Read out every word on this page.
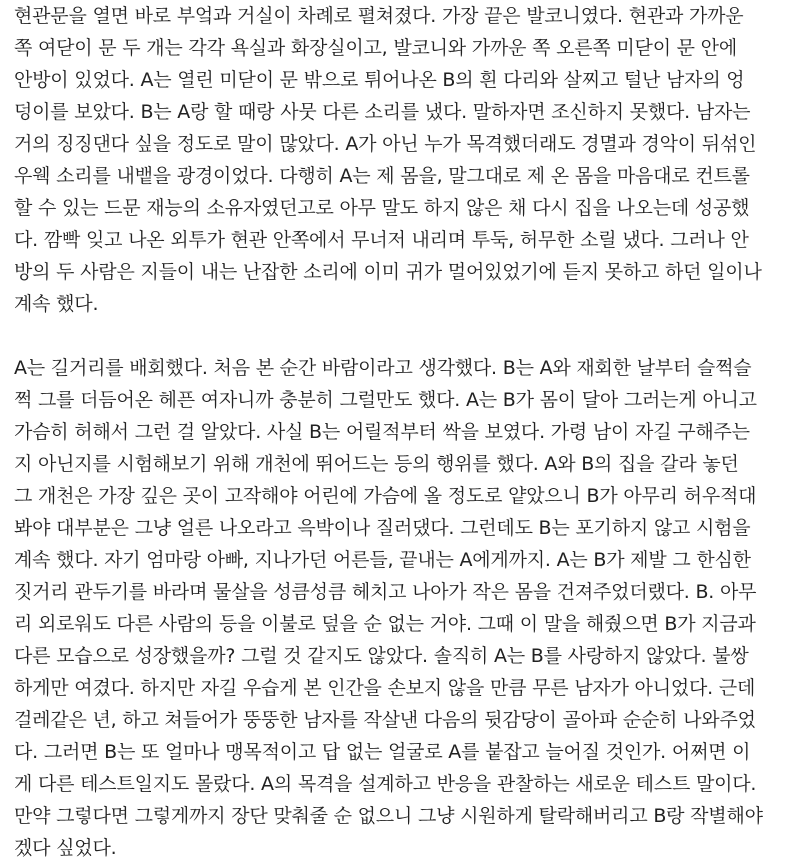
현관문을 열면 바로 부엌과 거실이 차례로 펼쳐졌다. 가장 끝은 발코니였다. 현관과 가까운
쪽 여닫이 문 두 개는 각각 욕실과 화장실이고, 발코니와 가까운 쪽 오른쪽 미닫이 문 안에
안방이 있었다. A는 열린 미닫이 문 밖으로 튀어나온 B의 흰 다리와 살찌고 털난 남자의 엉
덩이를 보았다. B는 A랑 할 때랑 사뭇 다른 소리를 냈다. 말하자면 조신하지 못했다. 남자는
거의 징징댄다 싶을 정도로 말이 많았다. A가 아닌 누가 목격했더래도 경멸과 경악이 뒤섞인
우웩 소리를 내뱉을 광경이었다. 다행히 A는 제 몸을, 말그대로 제 온 몸을 마음대로 컨트롤
할 수 있는 드문 재능의 소유자였던고로 아무 말도 하지 않은 채 다시 집을 나오는데 성공했
다. 깜빡 잊고 나온 외투가 현관 안쪽에서 무너저 내리며 투둑, 허무한 소릴 냈다. 그러나 안
방의 두 사람은 지들이 내는 난잡한 소리에 이미 귀가 멀어있었기에 듣지 못하고 하던 일이나
계속 했다.
A는 길거리를 배회했다. 처음 본 순간 바람이라고 생각했다. B는 A와 재회한 날부터 슬쩍슬
쩍 그를 더듬어온 헤픈 여자니까 충분히 그럴만도 했다. A는 B가 몸이 달아 그러는게 아니고
가슴히 허해서 그런 걸 알았다. 사실 B는 어릴적부터 싹을 보였다. 가령 남이 자길 구해주는
지 아닌지를 시험해보기 위해 개천에 뛰어드는 등의 행위를 했다. A와 B의 집을 갈라 놓던
그 개천은 가장 깊은 곳이 고작해야 어린에 가슴에 올 정도로 얕았으니 B가 아무리 허우적대
봐야 대부분은 그냥 얼른 나오라고 윽박이나 질러댔다. 그런데도 B는 포기하지 않고 시험을
계속 했다. 자기 엄마랑 아빠, 지나가던 어른들, 끝내는 A에게까지. A는 B가 제발 그 한심한
짓거리 관두기를 바라며 물살을 성큼성큼 헤치고 나아가 작은 몸을 건져주었더랬다. B. 아무
리 외로워도 다른 사람의 등을 이불로 덮을 순 없는 거야. 그때 이 말을 해줬으면 B가 지금과
다른 모습으로 성장했을까? 그럴 것 같지도 않았다. 솔직히 A는 B를 사랑하지 않았다. 불쌍
하게만 여겼다. 하지만 자길 우습게 본 인간을 손보지 않을 만큼 무른 남자가 아니었다. 근데
걸레같은 년, 하고 쳐들어가 뚱뚱한 남자를 작살낸 다음의 뒷감당이 골아파 순순히 나와주었
다. 그러면 B는 또 얼마나 맹목적이고 답 없는 얼굴로 A를 붙잡고 늘어질 것인가. 어쩌면 이
게 다른 테스트일지도 몰랐다. A의 목격을 설계하고 반응을 관찰하는 새로운 테스트 말이다.
만약 그렇다면 그렇게까지 장단 맞춰줄 순 없으니 그냥 시원하게 탈락해버리고 B랑 작별해야
겠다 싶었다.
